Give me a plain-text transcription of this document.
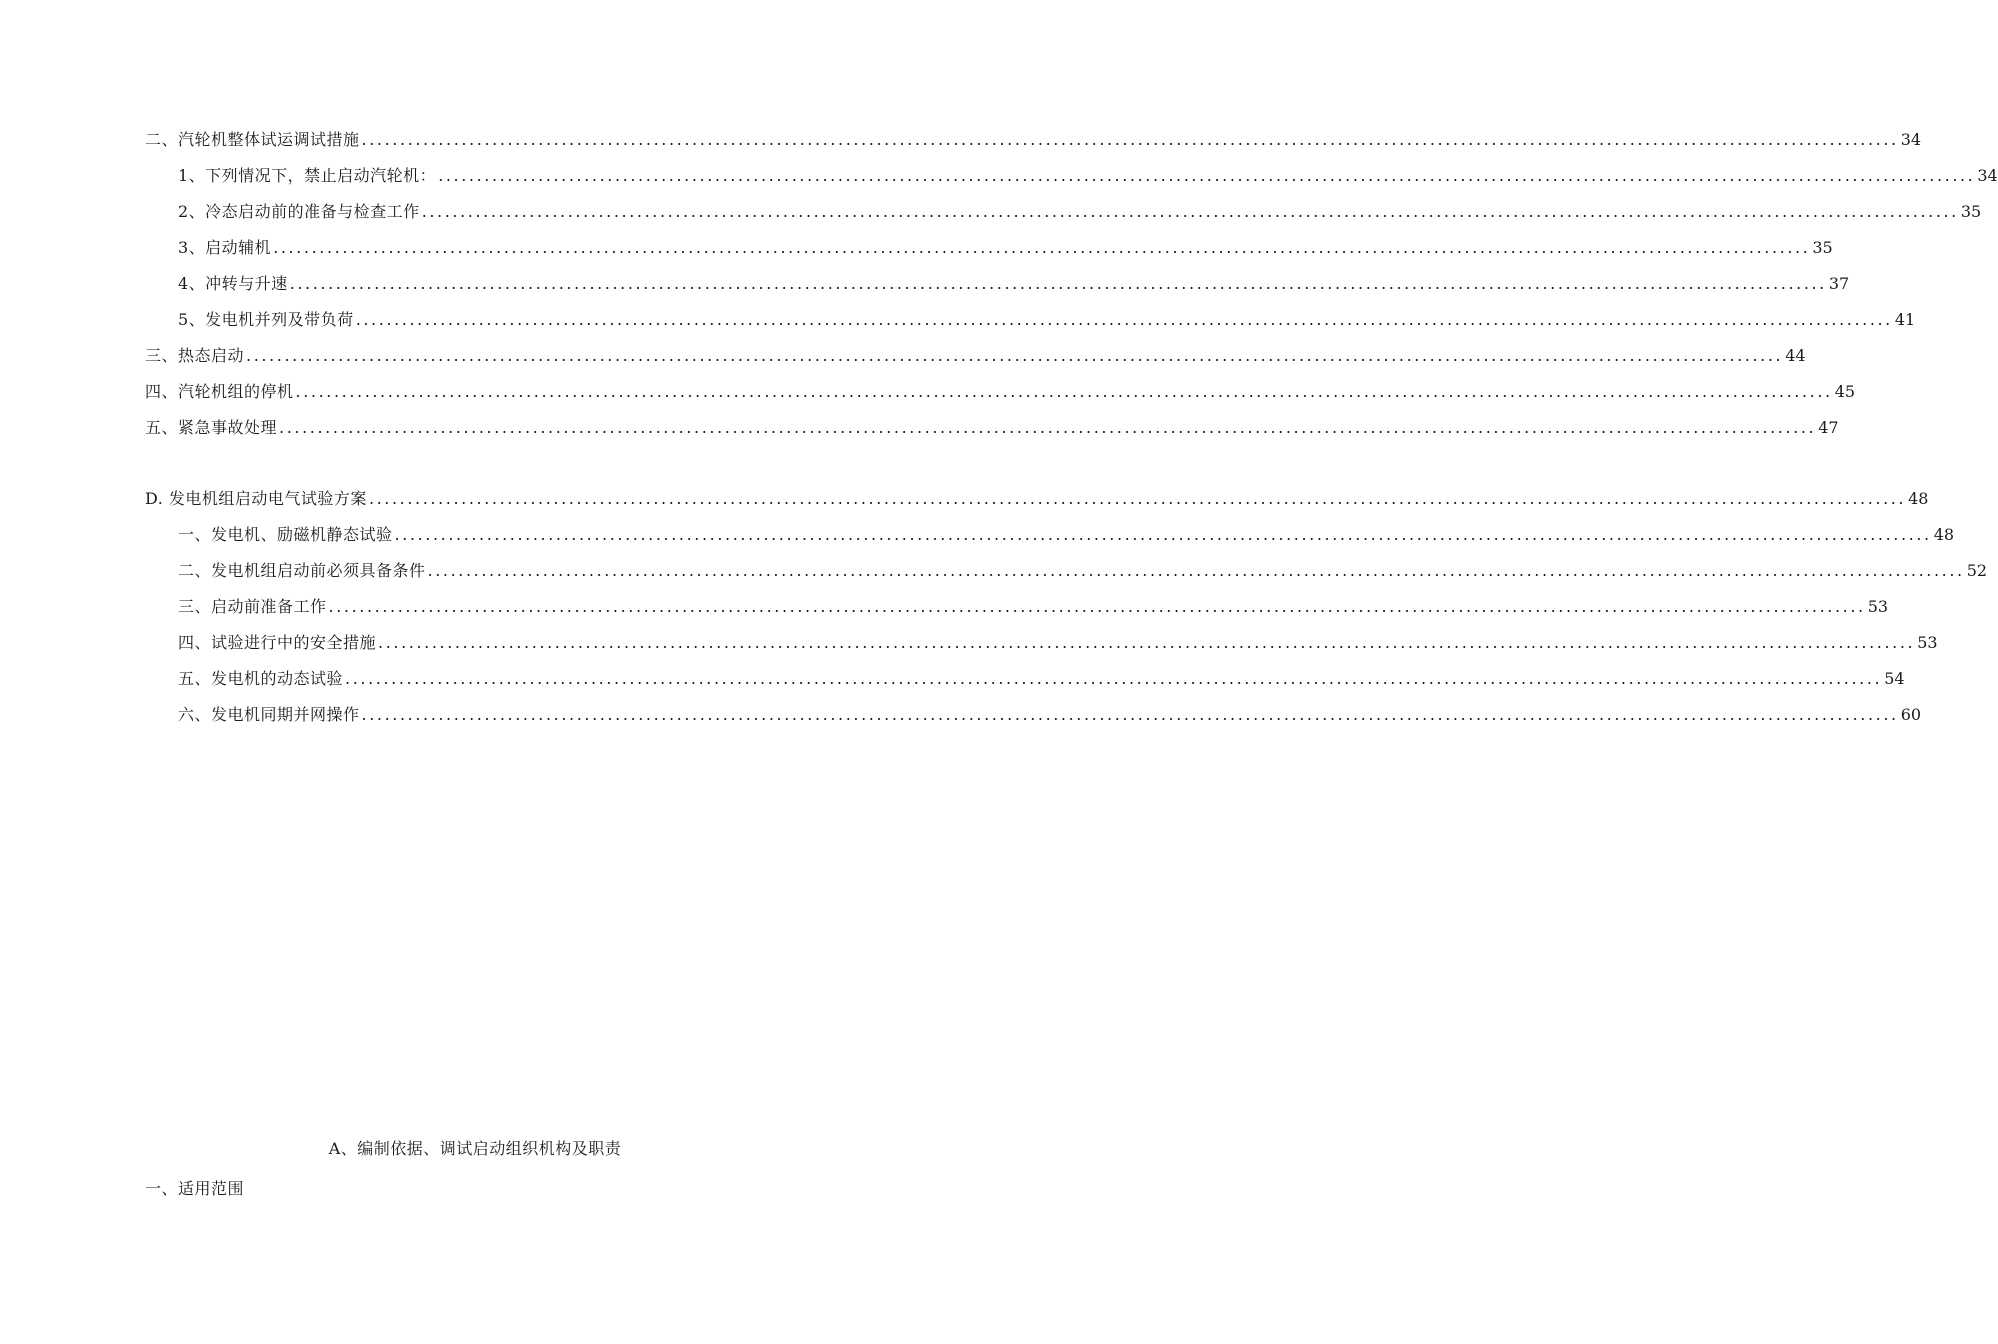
二、汽轮机整体试运调试措施 ........................................................................................................................................................................................................ 34
1、下列情况下，禁止启动汽轮机： ........................................................................................................................................................................................................ 34
2、冷态启动前的准备与检查工作 ........................................................................................................................................................................................................ 35
3、启动辅机 ........................................................................................................................................................................................................ 35
4、冲转与升速 ........................................................................................................................................................................................................ 37
5、发电机并列及带负荷 ........................................................................................................................................................................................................ 41
三、热态启动 ........................................................................................................................................................................................................ 44
四、汽轮机组的停机 ........................................................................................................................................................................................................ 45
五、紧急事故处理 ........................................................................................................................................................................................................ 47
D. 发电机组启动电气试验方案 ........................................................................................................................................................................................................ 48
一、发电机、励磁机静态试验 ........................................................................................................................................................................................................ 48
二、发电机组启动前必须具备条件 ........................................................................................................................................................................................................ 52
三、启动前准备工作 ........................................................................................................................................................................................................ 53
四、试验进行中的安全措施 ........................................................................................................................................................................................................ 53
五、发电机的动态试验 ........................................................................................................................................................................................................ 54
六、发电机同期并网操作 ........................................................................................................................................................................................................ 60
A、编制依据、调试启动组织机构及职责
一、适用范围
